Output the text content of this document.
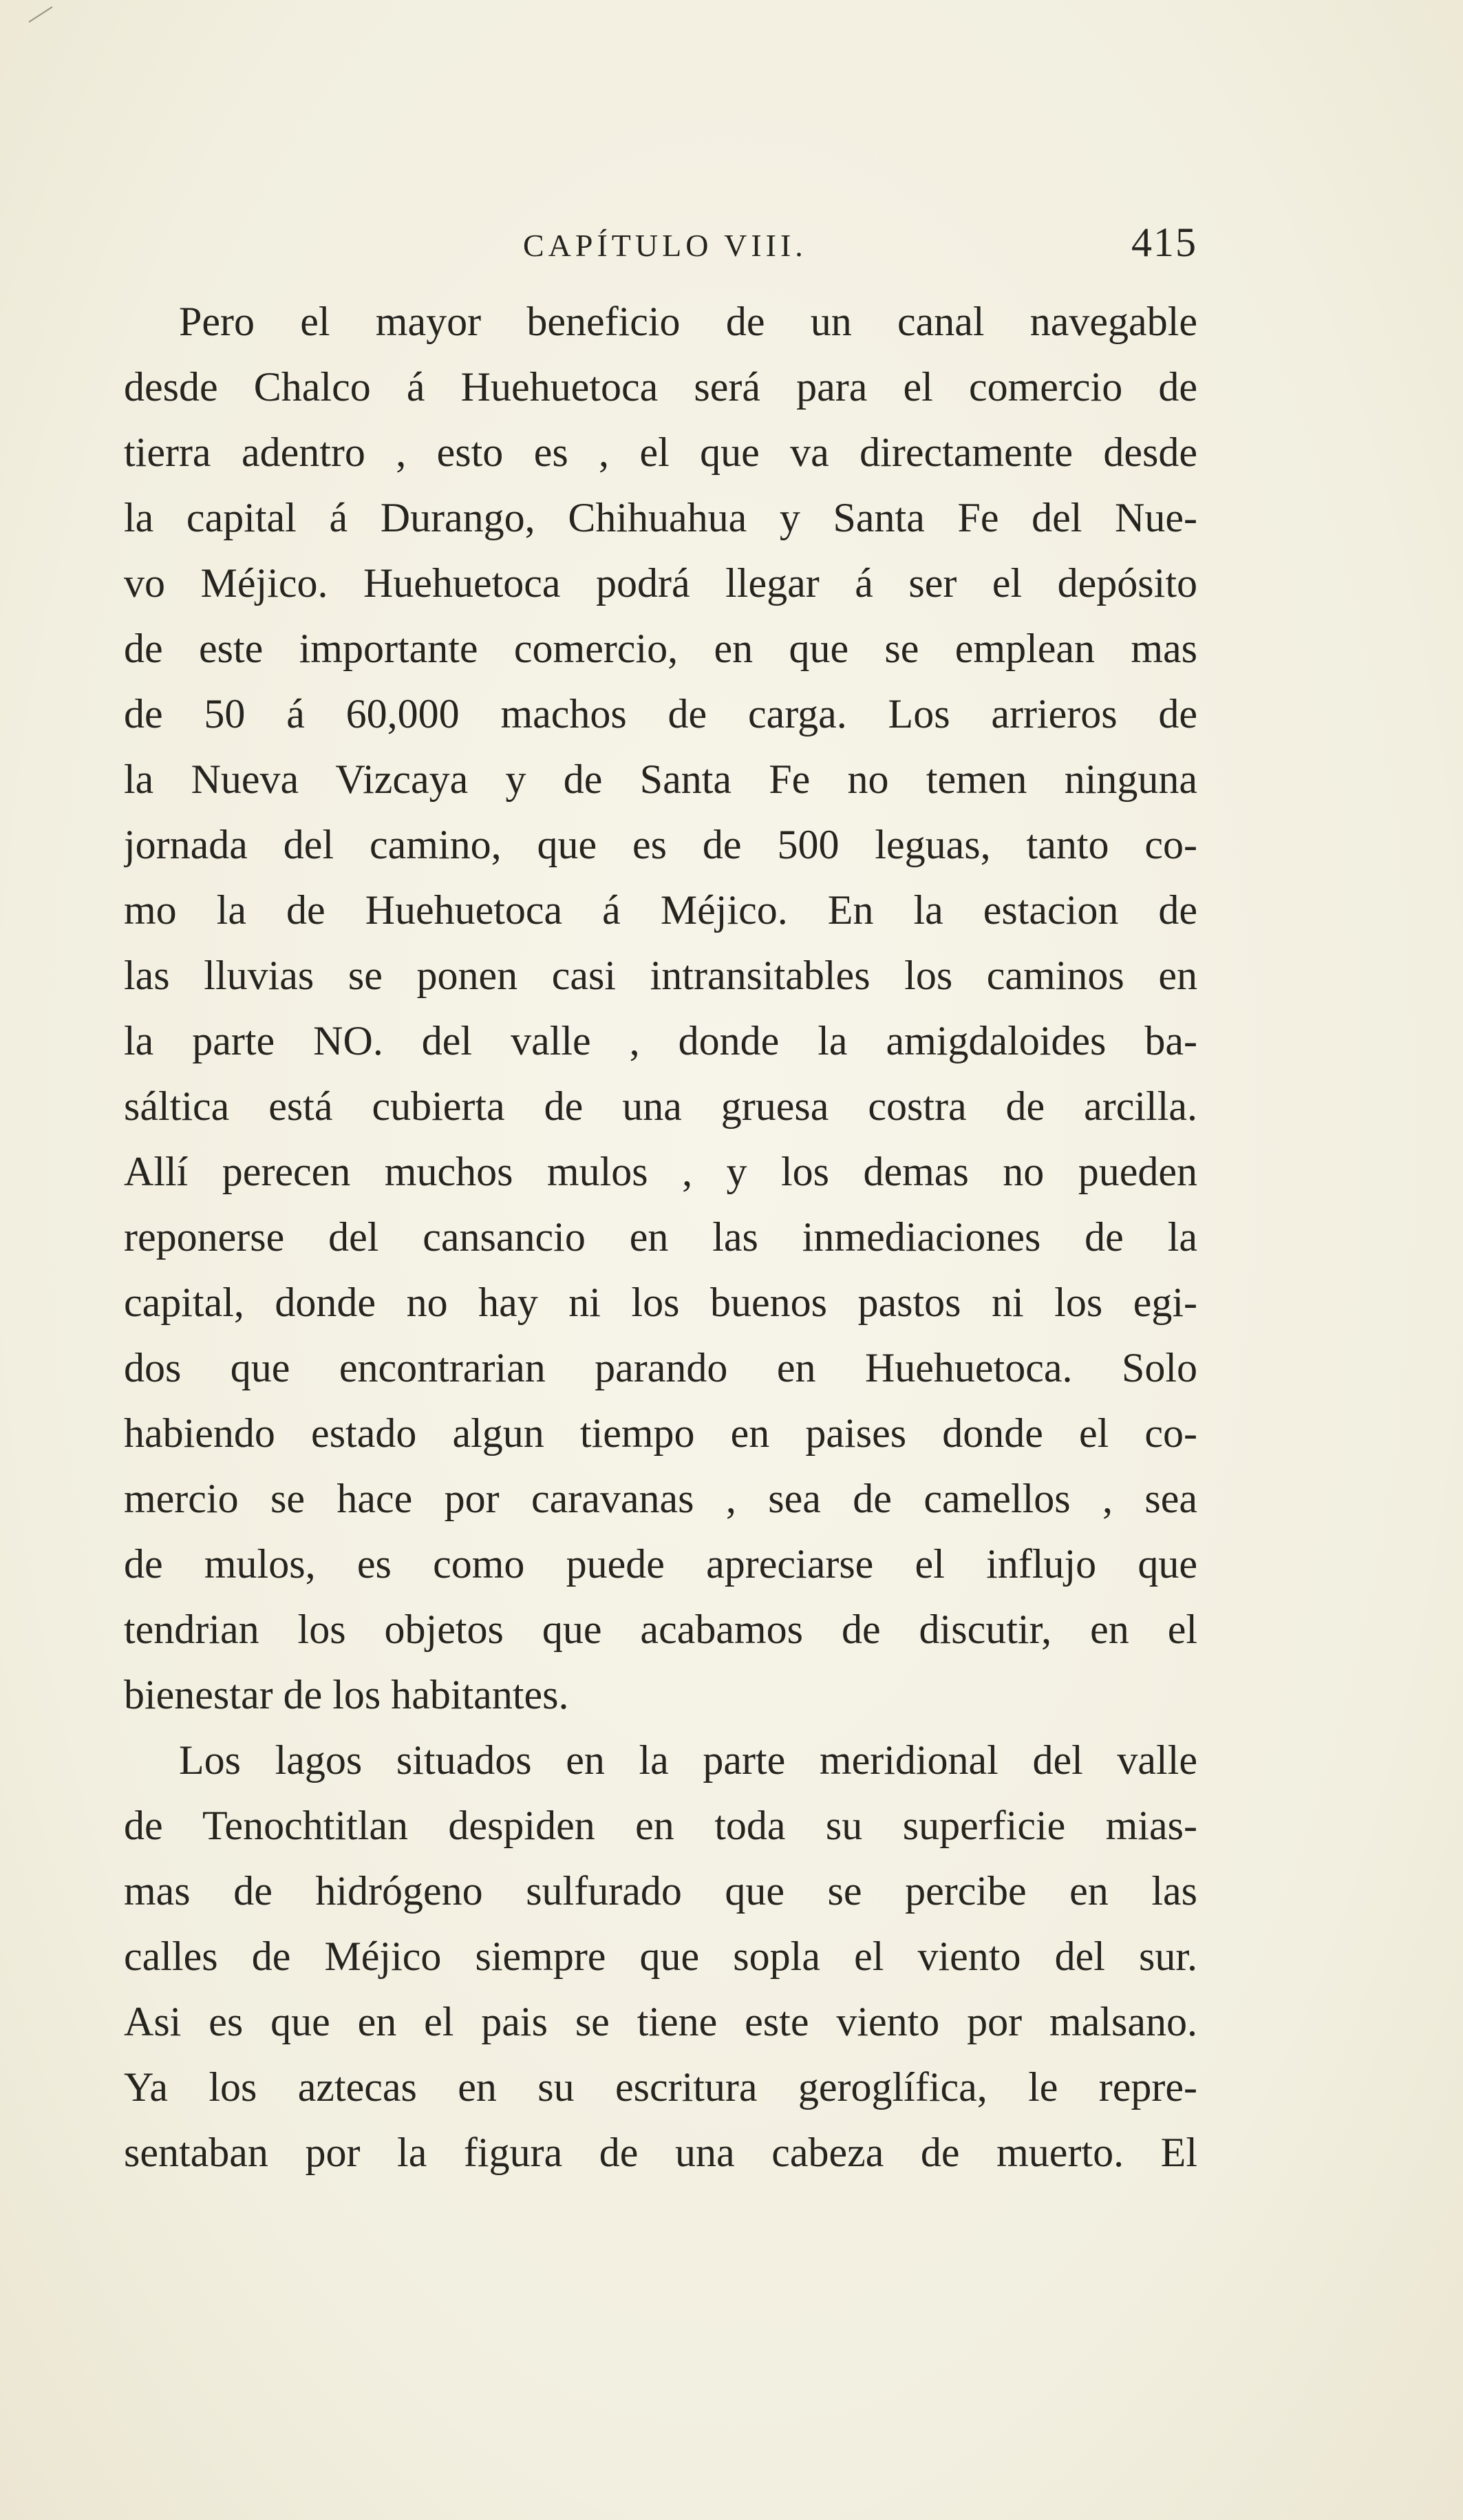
CAPÍTULO VIII.	415
Pero el mayor beneficio de un canal navegable
desde Chalco á Huehuetoca será para el comercio de
tierra adentro , esto es , el que va directamente desde
la capital á Durango, Chihuahua y Santa Fe del Nue-
vo Méjico. Huehuetoca podrá llegar á ser el depósito
de este importante comercio, en que se emplean mas
de 50 á 60,000 machos de carga. Los arrieros de
la Nueva Vizcaya y de Santa Fe no temen ninguna
jornada del camino, que es de 500 leguas, tanto co-
mo la de Huehuetoca á Méjico. En la estacion de
las lluvias se ponen casi intransitables los caminos en
la parte NO. del valle , donde la amigdaloides ba-
sáltica está cubierta de una gruesa costra de arcilla.
Allí perecen muchos mulos , y los demas no pueden
reponerse del cansancio en las inmediaciones de la
capital, donde no hay ni los buenos pastos ni los egi-
dos que encontrarian parando en Huehuetoca. Solo
habiendo estado algun tiempo en paises donde el co-
mercio se hace por caravanas , sea de camellos , sea
de mulos, es como puede apreciarse el influjo que
tendrian los objetos que acabamos de discutir, en el
bienestar de los habitantes.
Los lagos situados en la parte meridional del valle
de Tenochtitlan despiden en toda su superficie mias-
mas de hidrógeno sulfurado que se percibe en las
calles de Méjico siempre que sopla el viento del sur.
Asi es que en el pais se tiene este viento por malsano.
Ya los aztecas en su escritura geroglífica, le repre-
sentaban por la figura de una cabeza de muerto. El
